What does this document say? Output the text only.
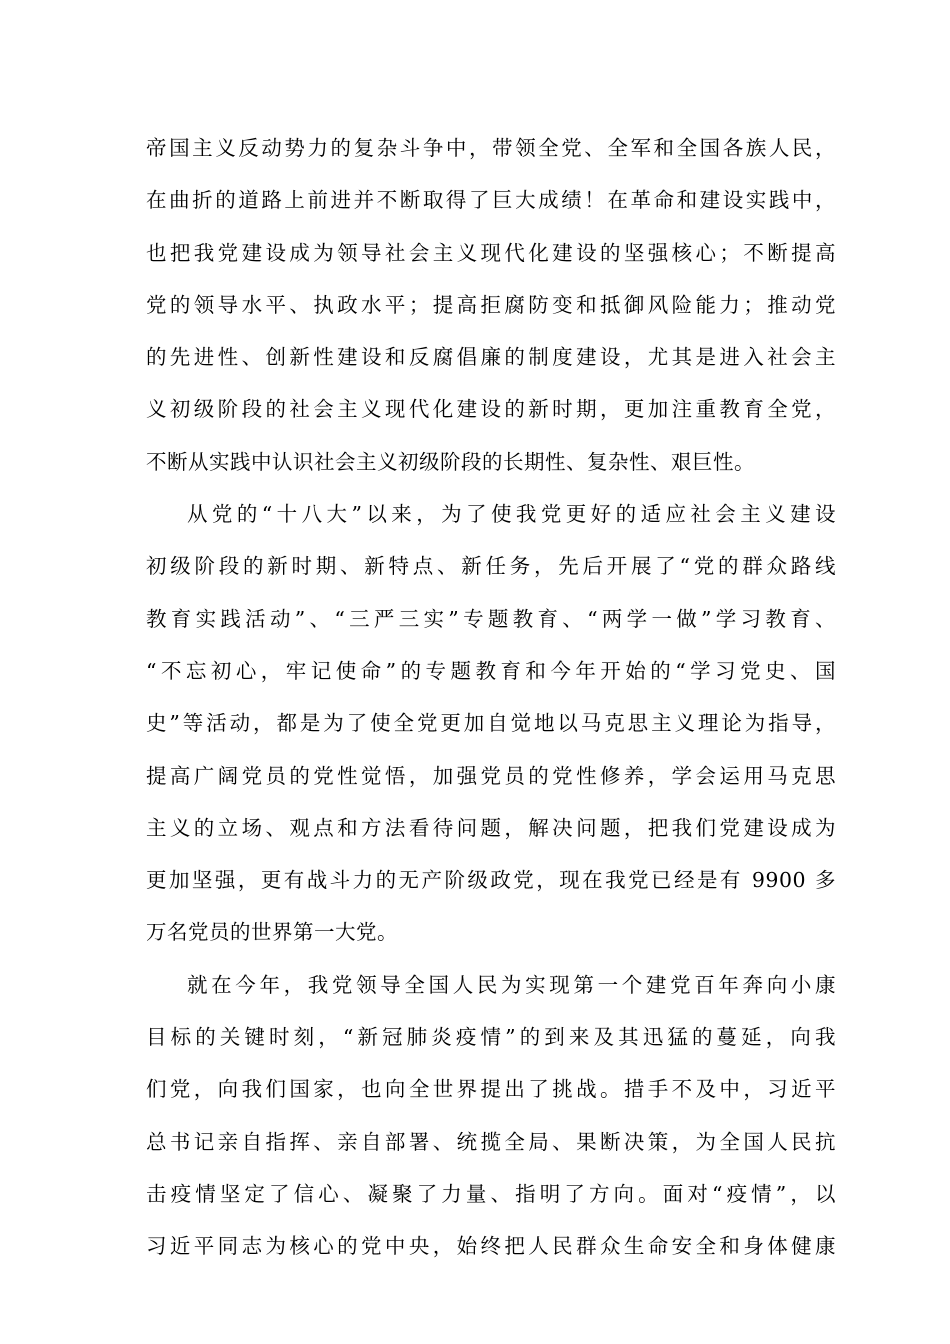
帝国主义反动势力的复杂斗争中，带领全党、全军和全国各族人民，
在曲折的道路上前进并不断取得了巨大成绩！在革命和建设实践中，
也把我党建设成为领导社会主义现代化建设的坚强核心；不断提高
党的领导水平、执政水平；提高拒腐防变和抵御风险能力；推动党
的先进性、创新性建设和反腐倡廉的制度建设，尤其是进入社会主
义初级阶段的社会主义现代化建设的新时期，更加注重教育全党，
不断从实践中认识社会主义初级阶段的长期性、复杂性、艰巨性。
从党的“十八大”以来，为了使我党更好的适应社会主义建设
初级阶段的新时期、新特点、新任务，先后开展了“党的群众路线
教育实践活动”、“三严三实”专题教育、“两学一做”学习教育、
“不忘初心，牢记使命”的专题教育和今年开始的“学习党史、国
史”等活动，都是为了使全党更加自觉地以马克思主义理论为指导，
提高广阔党员的党性觉悟，加强党员的党性修养，学会运用马克思
主义的立场、观点和方法看待问题，解决问题，把我们党建设成为
更加坚强，更有战斗力的无产阶级政党，现在我党已经是有 9900 多
万名党员的世界第一大党。
就在今年，我党领导全国人民为实现第一个建党百年奔向小康
目标的关键时刻，“新冠肺炎疫情”的到来及其迅猛的蔓延，向我
们党，向我们国家，也向全世界提出了挑战。措手不及中，习近平
总书记亲自指挥、亲自部署、统揽全局、果断决策，为全国人民抗
击疫情坚定了信心、凝聚了力量、指明了方向。面对“疫情”，以
习近平同志为核心的党中央，始终把人民群众生命安全和身体健康
